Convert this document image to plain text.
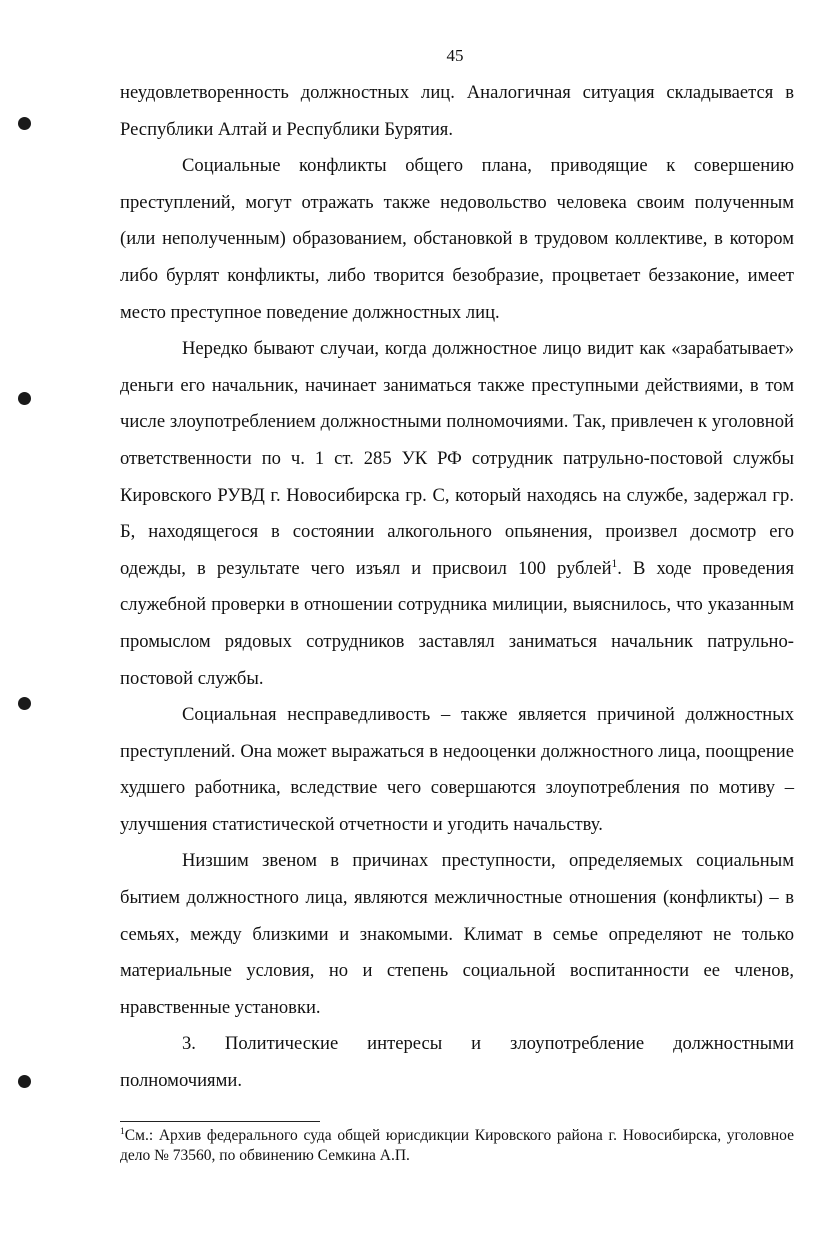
45

неудовлетворенность должностных лиц. Аналогичная ситуация складывается в Республики Алтай и Республики Бурятия.

Социальные конфликты общего плана, приводящие к совершению преступлений, могут отражать также недовольство человека своим полученным (или неполученным) образованием, обстановкой в трудовом коллективе, в котором либо бурлят конфликты, либо творится безобразие, процветает беззаконие, имеет место преступное поведение должностных лиц.

Нередко бывают случаи, когда должностное лицо видит как «зарабатывает» деньги его начальник, начинает заниматься также преступными действиями, в том числе злоупотреблением должностными полномочиями. Так, привлечен к уголовной ответственности по ч. 1 ст. 285 УК РФ сотрудник патрульно-постовой службы Кировского РУВД г. Новосибирска гр. С, который находясь на службе, задержал гр. Б, находящегося в состоянии алкогольного опьянения, произвел досмотр его одежды, в результате чего изъял и присвоил 100 рублей$^1$. В ходе проведения служебной проверки в отношении сотрудника милиции, выяснилось, что указанным промыслом рядовых сотрудников заставлял заниматься начальник патрульно-постовой службы.

Социальная несправедливость – также является причиной должностных преступлений. Она может выражаться в недооценки должностного лица, поощрение худшего работника, вследствие чего совершаются злоупотребления по мотиву – улучшения статистической отчетности и угодить начальству.

Низшим звеном в причинах преступности, определяемых социальным бытием должностного лица, являются межличностные отношения (конфликты) – в семьях, между близкими и знакомыми. Климат в семье определяют не только материальные условия, но и степень социальной воспитанности ее членов, нравственные установки.

3. Политические интересы и злоупотребление должностными полномочиями.

$^1$См.: Архив федерального суда общей юрисдикции Кировского района г. Новосибирска, уголовное дело № 73560, по обвинению Семкина А.П.
